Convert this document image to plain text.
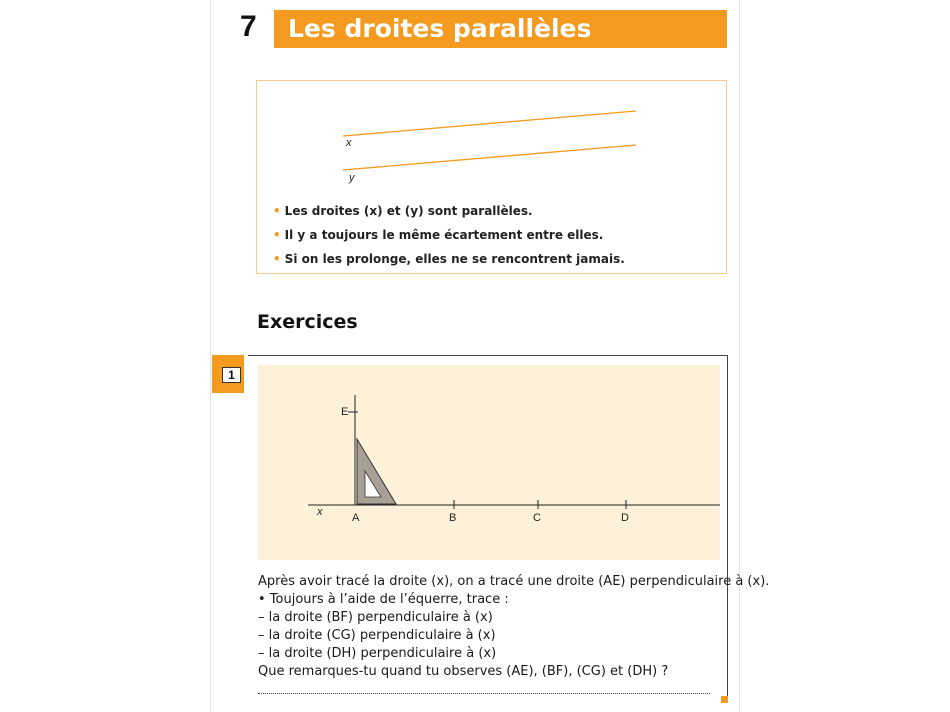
7	Les droites parallèles
x
y
• Les droites (x) et (y) sont parallèles.
• Il y a toujours le même écartement entre elles.
• Si on les prolonge, elles ne se rencontrent jamais.
Exercices
1
E
x	A	B	C	D
Après avoir tracé la droite (x), on a tracé une droite (AE) perpendiculaire à (x).
• Toujours à l’aide de l’équerre, trace :
– la droite (BF) perpendiculaire à (x)
– la droite (CG) perpendiculaire à (x)
– la droite (DH) perpendiculaire à (x)
Que remarques-tu quand tu observes (AE), (BF), (CG) et (DH) ?
